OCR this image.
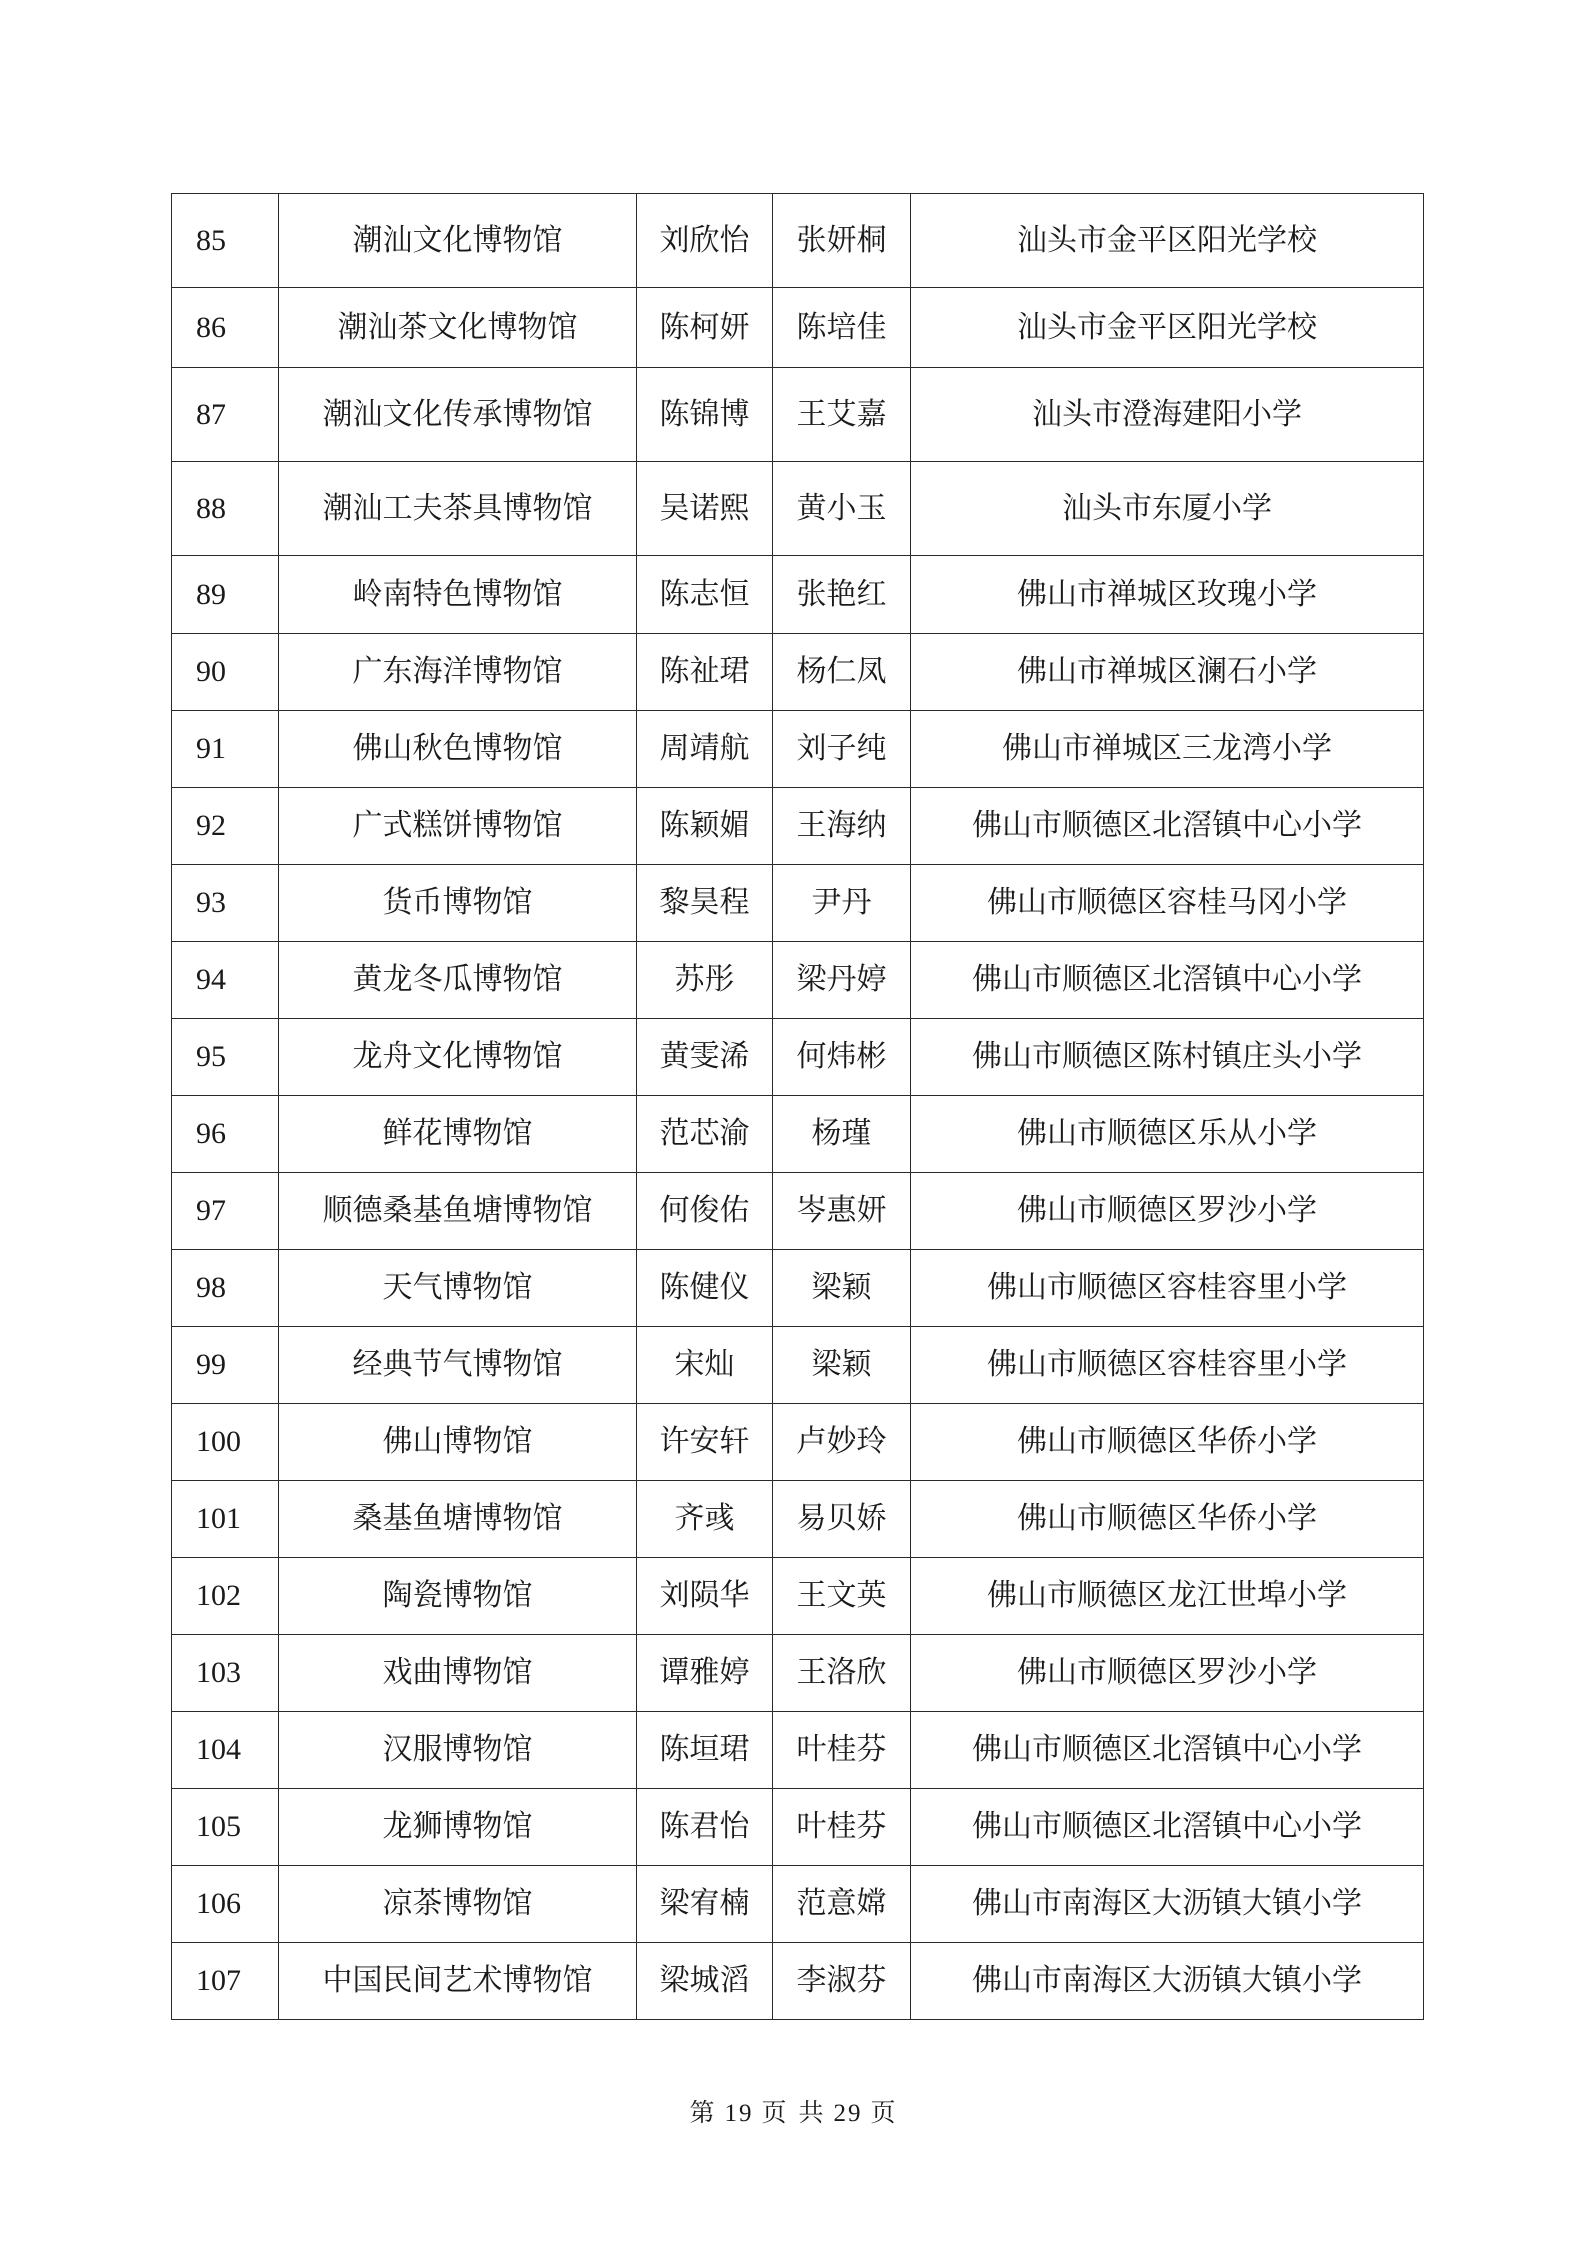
85	潮汕文化博物馆	刘欣怡	张妍桐	汕头市金平区阳光学校
86	潮汕茶文化博物馆	陈柯妍	陈培佳	汕头市金平区阳光学校
87	潮汕文化传承博物馆	陈锦博	王艾嘉	汕头市澄海建阳小学
88	潮汕工夫茶具博物馆	吴诺熙	黄小玉	汕头市东厦小学
89	岭南特色博物馆	陈志恒	张艳红	佛山市禅城区玫瑰小学
90	广东海洋博物馆	陈祉珺	杨仁凤	佛山市禅城区澜石小学
91	佛山秋色博物馆	周靖航	刘子纯	佛山市禅城区三龙湾小学
92	广式糕饼博物馆	陈颖媚	王海纳	佛山市顺德区北滘镇中心小学
93	货币博物馆	黎昊程	尹丹	佛山市顺德区容桂马冈小学
94	黄龙冬瓜博物馆	苏彤	梁丹婷	佛山市顺德区北滘镇中心小学
95	龙舟文化博物馆	黄雯浠	何炜彬	佛山市顺德区陈村镇庄头小学
96	鲜花博物馆	范芯渝	杨瑾	佛山市顺德区乐从小学
97	顺德桑基鱼塘博物馆	何俊佑	岑惠妍	佛山市顺德区罗沙小学
98	天气博物馆	陈健仪	梁颖	佛山市顺德区容桂容里小学
99	经典节气博物馆	宋灿	梁颖	佛山市顺德区容桂容里小学
100	佛山博物馆	许安轩	卢妙玲	佛山市顺德区华侨小学
101	桑基鱼塘博物馆	齐彧	易贝娇	佛山市顺德区华侨小学
102	陶瓷博物馆	刘陨华	王文英	佛山市顺德区龙江世埠小学
103	戏曲博物馆	谭雅婷	王洛欣	佛山市顺德区罗沙小学
104	汉服博物馆	陈垣珺	叶桂芬	佛山市顺德区北滘镇中心小学
105	龙狮博物馆	陈君怡	叶桂芬	佛山市顺德区北滘镇中心小学
106	凉茶博物馆	梁宥楠	范意嫦	佛山市南海区大沥镇大镇小学
107	中国民间艺术博物馆	梁城滔	李淑芬	佛山市南海区大沥镇大镇小学
第 19 页 共 29 页
